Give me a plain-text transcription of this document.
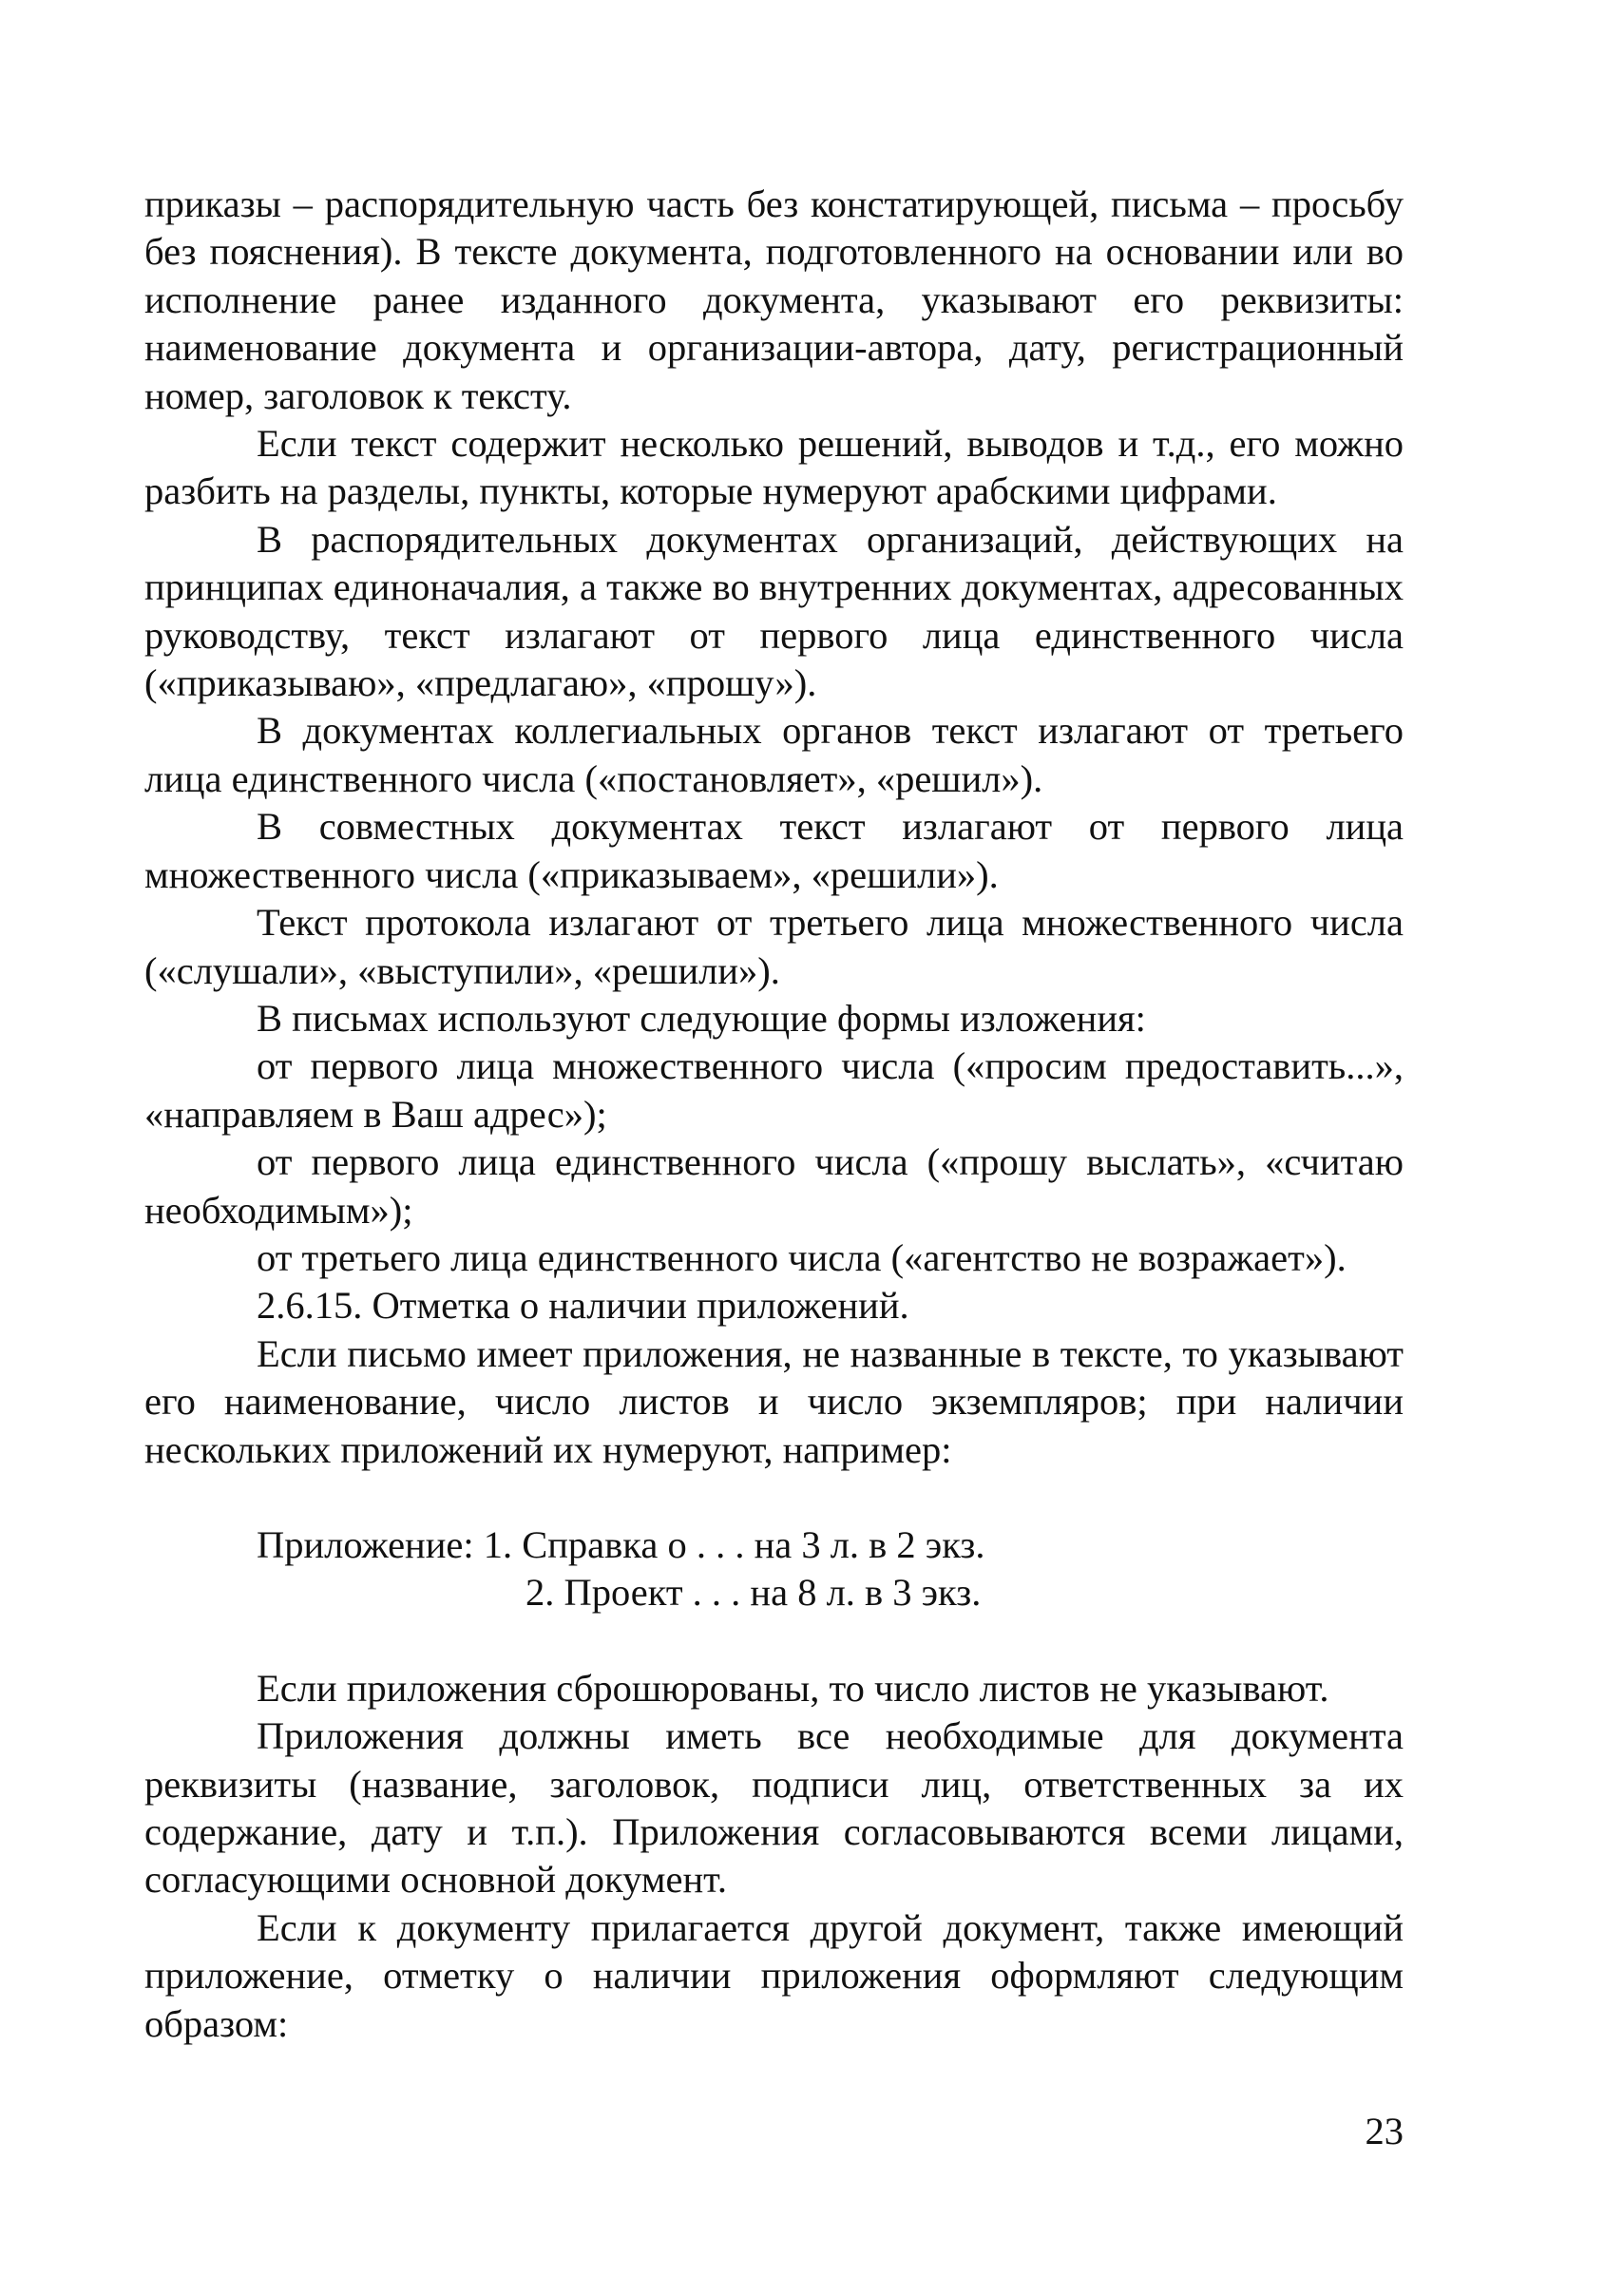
приказы – распорядительную часть без констатирующей, письма – просьбу без пояснения). В тексте документа, подготовленного на основании или во исполнение ранее изданного документа, указывают его реквизиты: наименование документа и организации-автора, дату, регистрационный номер, заголовок к тексту.

Если текст содержит несколько решений, выводов и т.д., его можно разбить на разделы, пункты, которые нумеруют арабскими цифрами.

В распорядительных документах организаций, действующих на принципах единоначалия, а также во внутренних документах, адресованных руководству, текст излагают от первого лица единственного числа («приказываю», «предлагаю», «прошу»).

В документах коллегиальных органов текст излагают от третьего лица единственного числа («постановляет», «решил»).

В совместных документах текст излагают от первого лица множественного числа («приказываем», «решили»).

Текст протокола излагают от третьего лица множественного числа («слушали», «выступили», «решили»).

В письмах используют следующие формы изложения:

от первого лица множественного числа («просим предоставить...», «направляем в Ваш адрес»);

от первого лица единственного числа («прошу выслать», «считаю необходимым»);

от третьего лица единственного числа («агентство не возражает»).

2.6.15. Отметка о наличии приложений.

Если письмо имеет приложения, не названные в тексте, то указывают его наименование, число листов и число экземпляров; при наличии нескольких приложений их нумеруют, например:

Приложение: 1. Справка о . . . на 3 л. в 2 экз.

2. Проект . . . на 8 л. в 3 экз.

Если приложения сброшюрованы, то число листов не указывают.

Приложения должны иметь все необходимые для документа реквизиты (название, заголовок, подписи лиц, ответственных за их содержание, дату и т.п.). Приложения согласовываются всеми лицами, согласующими основной документ.

Если к документу прилагается другой документ, также имеющий приложение, отметку о наличии приложения оформляют следующим образом:

23
